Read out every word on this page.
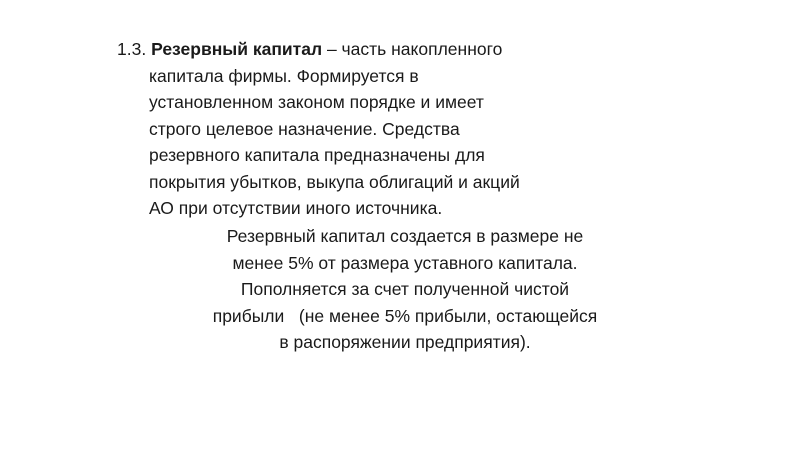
1.3. Резервный капитал – часть накопленного
капитала фирмы. Формируется в
установленном законом порядке и имеет
строго целевое назначение. Средства
резервного капитала предназначены для
покрытия убытков, выкупа облигаций и акций
АО при отсутствии иного источника.
Резервный капитал создается в размере не
менее 5% от размера уставного капитала.
Пополняется за счет полученной чистой
прибыли   (не менее 5% прибыли, остающейся
в распоряжении предприятия).
